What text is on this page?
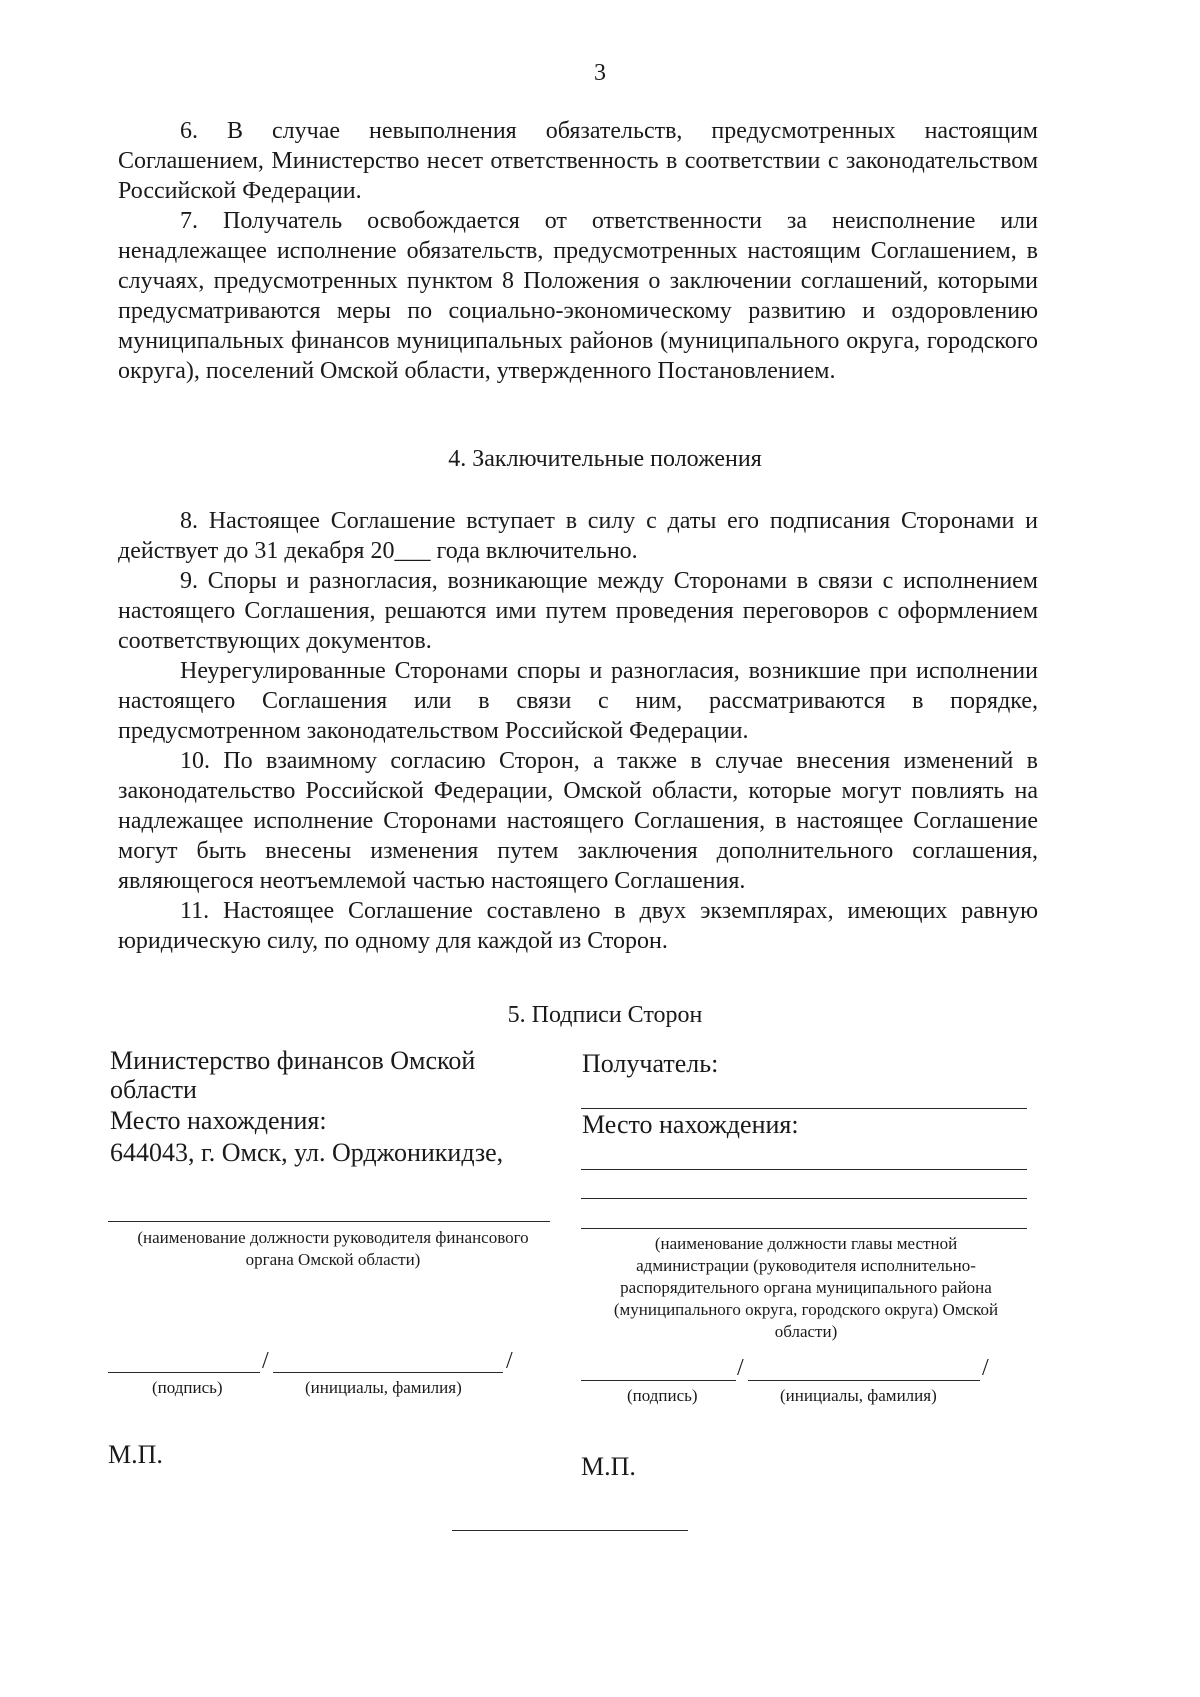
3

6. В случае невыполнения обязательств, предусмотренных настоящим Соглашением, Министерство несет ответственность в соответствии с законодательством Российской Федерации.

7. Получатель освобождается от ответственности за неисполнение или ненадлежащее исполнение обязательств, предусмотренных настоящим Соглашением, в случаях, предусмотренных пунктом 8 Положения о заключении соглашений, которыми предусматриваются меры по социально-экономическому развитию и оздоровлению муниципальных финансов муниципальных районов (муниципального округа, городского округа), поселений Омской области, утвержденного Постановлением.

4. Заключительные положения

8. Настоящее Соглашение вступает в силу с даты его подписания Сторонами и действует до 31 декабря 20___ года включительно.

9. Споры и разногласия, возникающие между Сторонами в связи с исполнением настоящего Соглашения, решаются ими путем проведения переговоров с оформлением соответствующих документов.

Неурегулированные Сторонами споры и разногласия, возникшие при исполнении настоящего Соглашения или в связи с ним, рассматриваются в порядке, предусмотренном законодательством Российской Федерации.

10. По взаимному согласию Сторон, а также в случае внесения изменений в законодательство Российской Федерации, Омской области, которые могут повлиять на надлежащее исполнение Сторонами настоящего Соглашения, в настоящее Соглашение могут быть внесены изменения путем заключения дополнительного соглашения, являющегося неотъемлемой частью настоящего Соглашения.

11. Настоящее Соглашение составлено в двух экземплярах, имеющих равную юридическую силу, по одному для каждой из Сторон.

5. Подписи Сторон
Министерство финансов Омской
области
Место нахождения:
644043, г. Омск, ул. Орджоникидзе,
(наименование должности руководителя финансового
органа Омской области)
/	/
(подпись)	(инициалы, фамилия)
М.П.
Получатель:
Место нахождения:
(наименование должности главы местной
администрации (руководителя исполнительно-
распорядительного органа муниципального района
(муниципального округа, городского округа) Омской
области)
/	/
(подпись)	(инициалы, фамилия)
М.П.
